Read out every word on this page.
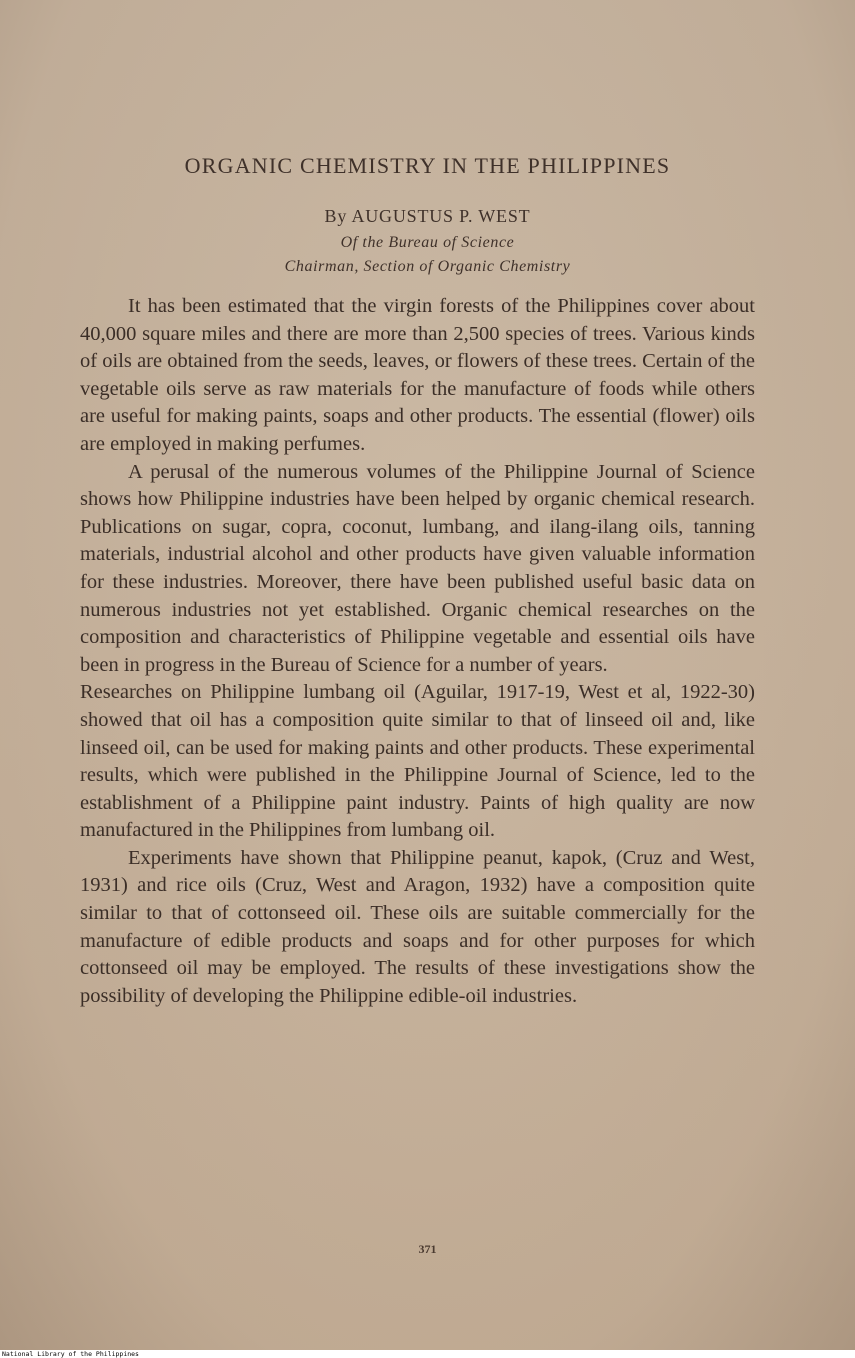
ORGANIC CHEMISTRY IN THE PHILIPPINES
By AUGUSTUS P. WEST
Of the Bureau of Science
Chairman, Section of Organic Chemistry

It has been estimated that the virgin forests of the Philippines cover about 40,000 square miles and there are more than 2,500 species of trees. Various kinds of oils are obtained from the seeds, leaves, or flowers of these trees. Certain of the vegetable oils serve as raw materials for the manufacture of foods while others are useful for making paints, soaps and other products. The essential (flower) oils are employed in making perfumes.

A perusal of the numerous volumes of the Philippine Journal of Science shows how Philippine industries have been helped by organic chemical research. Publications on sugar, copra, coconut, lumbang, and ilang-ilang oils, tanning materials, industrial alcohol and other products have given valuable information for these industries. Moreover, there have been published useful basic data on numerous industries not yet established. Organic chemical researches on the composition and characteristics of Philippine vegetable and essential oils have been in progress in the Bureau of Science for a number of years.

Researches on Philippine lumbang oil (Aguilar, 1917-19, West et al, 1922-30) showed that oil has a composition quite similar to that of linseed oil and, like linseed oil, can be used for making paints and other products. These experimental results, which were published in the Philippine Journal of Science, led to the establishment of a Philippine paint industry. Paints of high quality are now manufactured in the Philippines from lumbang oil.

Experiments have shown that Philippine peanut, kapok, (Cruz and West, 1931) and rice oils (Cruz, West and Aragon, 1932) have a composition quite similar to that of cottonseed oil. These oils are suitable commercially for the manufacture of edible products and soaps and for other purposes for which cottonseed oil may be employed. The results of these investigations show the possibility of developing the Philippine edible-oil industries.

371
National Library of the Philippines
